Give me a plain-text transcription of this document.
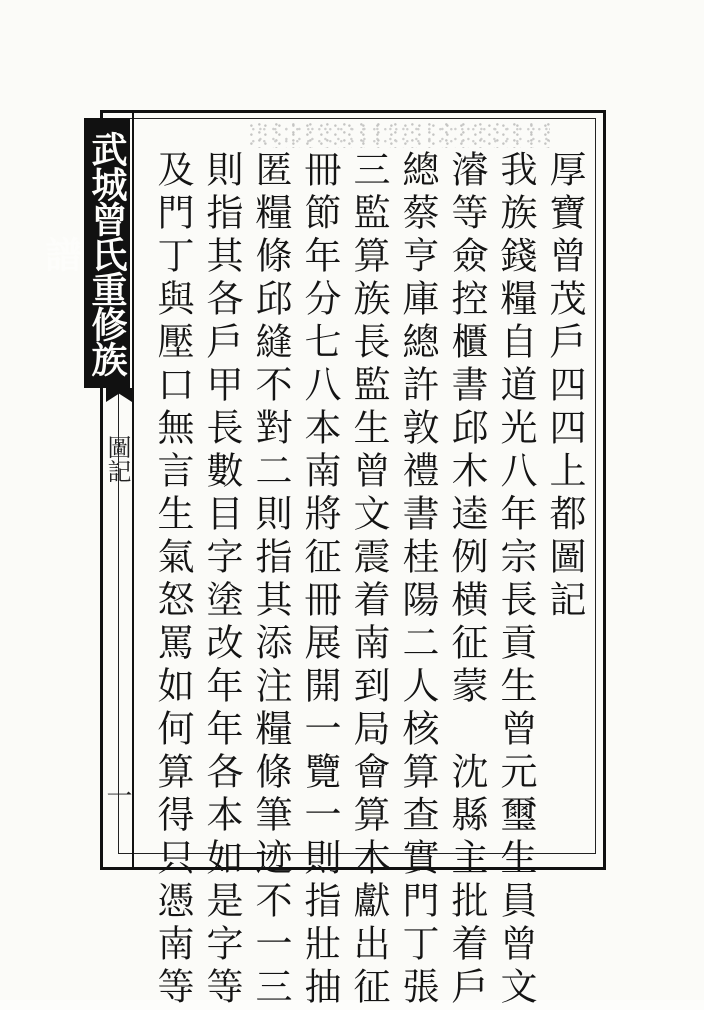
武城曾氏重修族譜
圖記
一
厚寶曾茂戶四四上都圖記
我族錢糧自道光八年宗長貢生曾元璽生員曾文
濬等僉控櫃書邱木逵例横征蒙　沈縣主批着戶
總蔡亨庫總許敦禮書桂陽二人核算查實門丁張
三監算族長監生曾文震着南到局會算木獻出征
冊節年分七八本南將征冊展開一覽一則指壯抽
匿糧條邱縫不對二則指其添注糧條筆迹不一三
則指其各戶甲長數目字塗改年年各本如是字等
及門丁與壓口無言生氣怒罵如何算得只憑南等
